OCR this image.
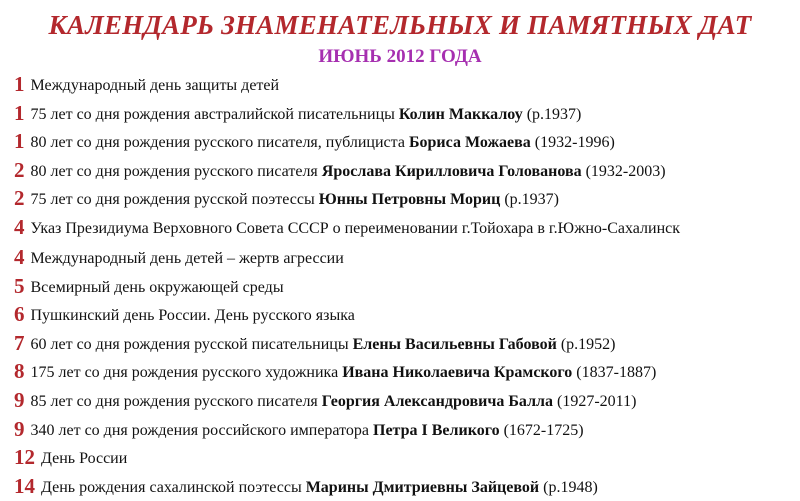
КАЛЕНДАРЬ ЗНАМЕНАТЕЛЬНЫХ И ПАМЯТНЫХ ДАТ
ИЮНЬ 2012 ГОДА
1 Международный день защиты детей
1 75 лет со дня рождения австралийской писательницы Колин Маккалоу (р.1937)
1 80 лет со дня рождения русского писателя, публициста Бориса Можаева (1932-1996)
2 80 лет со дня рождения русского писателя Ярослава Кирилловича Голованова (1932-2003)
2 75 лет со дня рождения русской поэтессы Юнны Петровны Мориц (р.1937)
4 Указ Президиума Верховного Совета СССР о переименовании г.Тойохара в г.Южно-Сахалинск
4 Международный день детей – жертв агрессии
5 Всемирный день окружающей среды
6 Пушкинский день России. День русского языка
7 60 лет со дня рождения русской писательницы Елены Васильевны Габовой (р.1952)
8 175 лет со дня рождения русского художника Ивана Николаевича Крамского (1837-1887)
9 85 лет со дня рождения русского писателя Георгия Александровича Балла (1927-2011)
9 340 лет со дня рождения российского императора Петра I Великого (1672-1725)
12 День России
14 День рождения сахалинской поэтессы Марины Дмитриевны Зайцевой (р.1948)
